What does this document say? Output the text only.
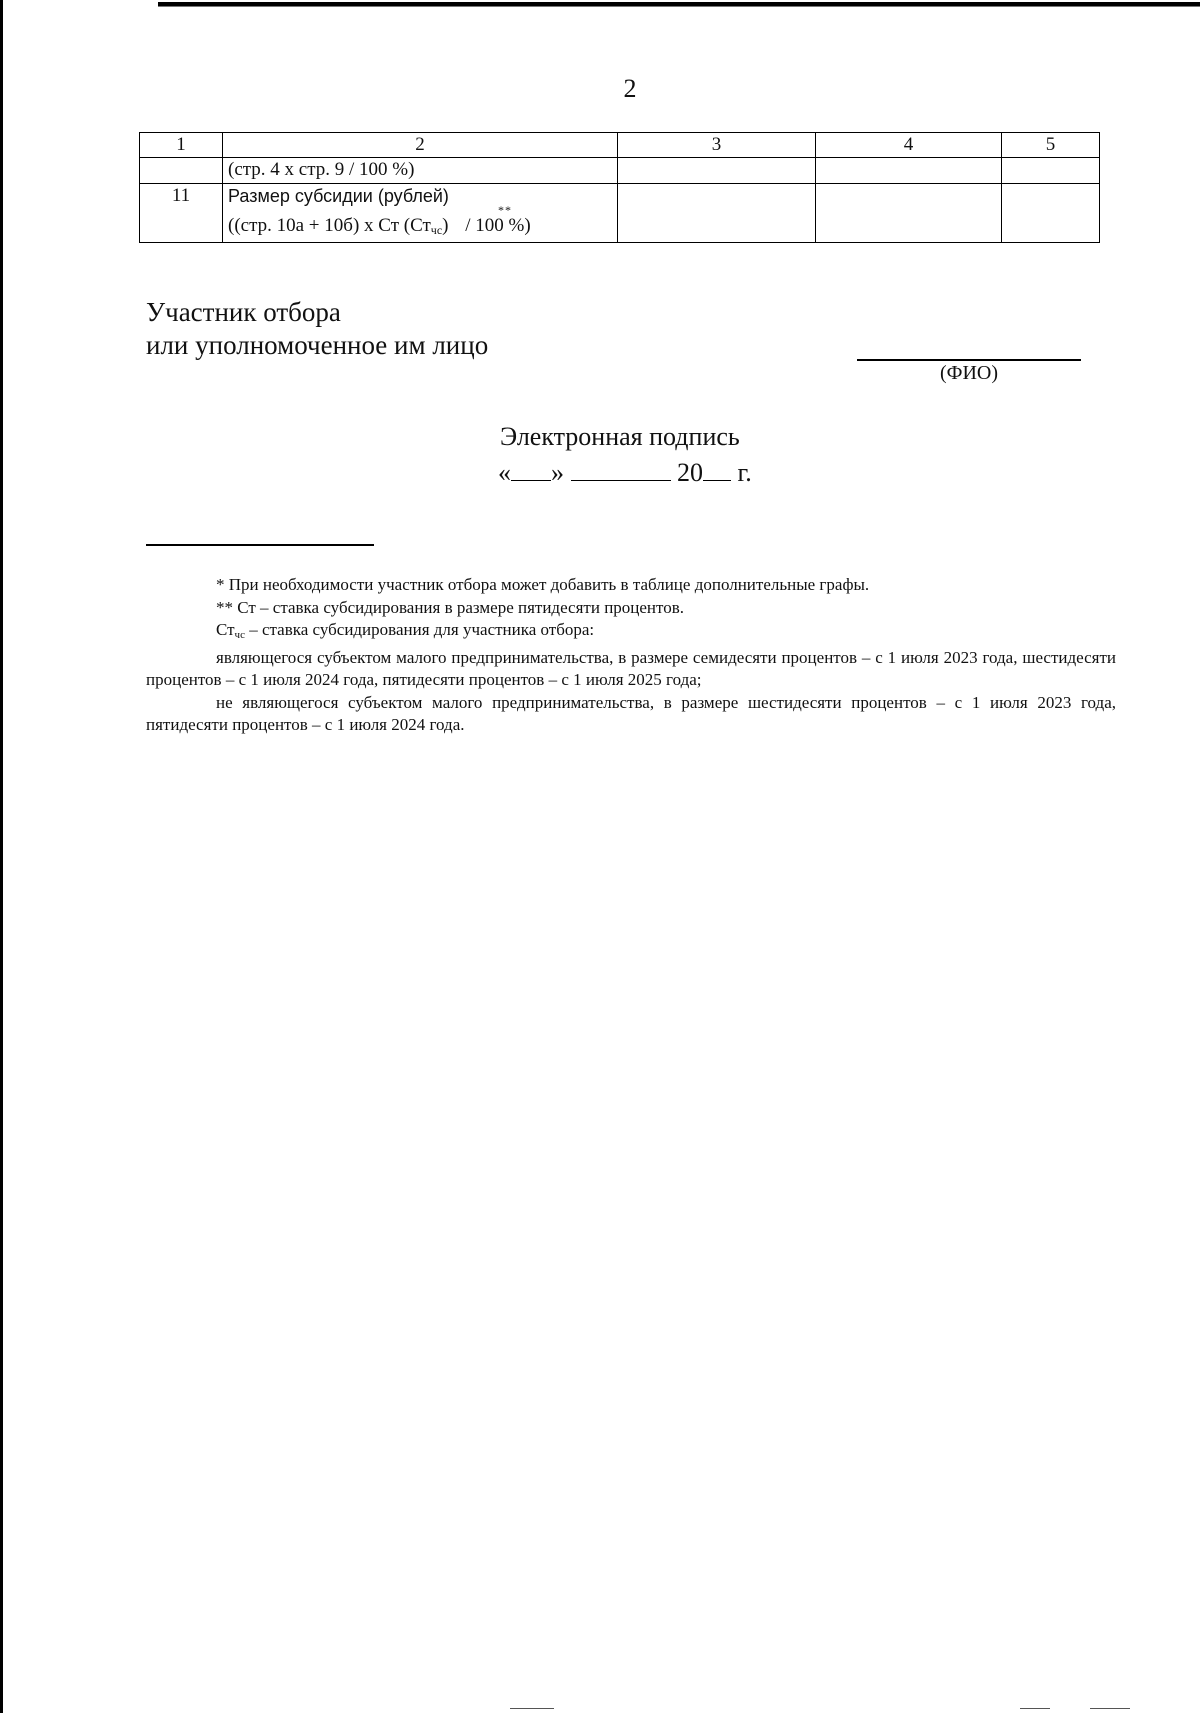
2
1	2	3	4	5
	(стр. 4 х стр. 9 / 100 %)			
11	Размер субсидии (рублей)
((стр. 10а + 10б) х Ст $(Ст_{чс})$
**
/ 100 %)			

Участник отбора
или уполномоченное им лицо
(ФИО)
Электронная подпись
« »	20 г.

* При необходимости участник отбора может добавить в таблице дополнительные графы.

** Ст – ставка субсидирования в размере пятидесяти процентов.

$Ст_{чс}$ – ставка субсидирования для участника отбора:

являющегося субъектом малого предпринимательства, в размере семидесяти процентов – с 1 июля 2023 года, шестидесяти процентов – с 1 июля 2024 года, пятидесяти процентов – с 1 июля 2025 года;

не являющегося субъектом малого предпринимательства, в размере шестидесяти процентов – с 1 июля 2023 года, пятидесяти процентов – с 1 июля 2024 года.
